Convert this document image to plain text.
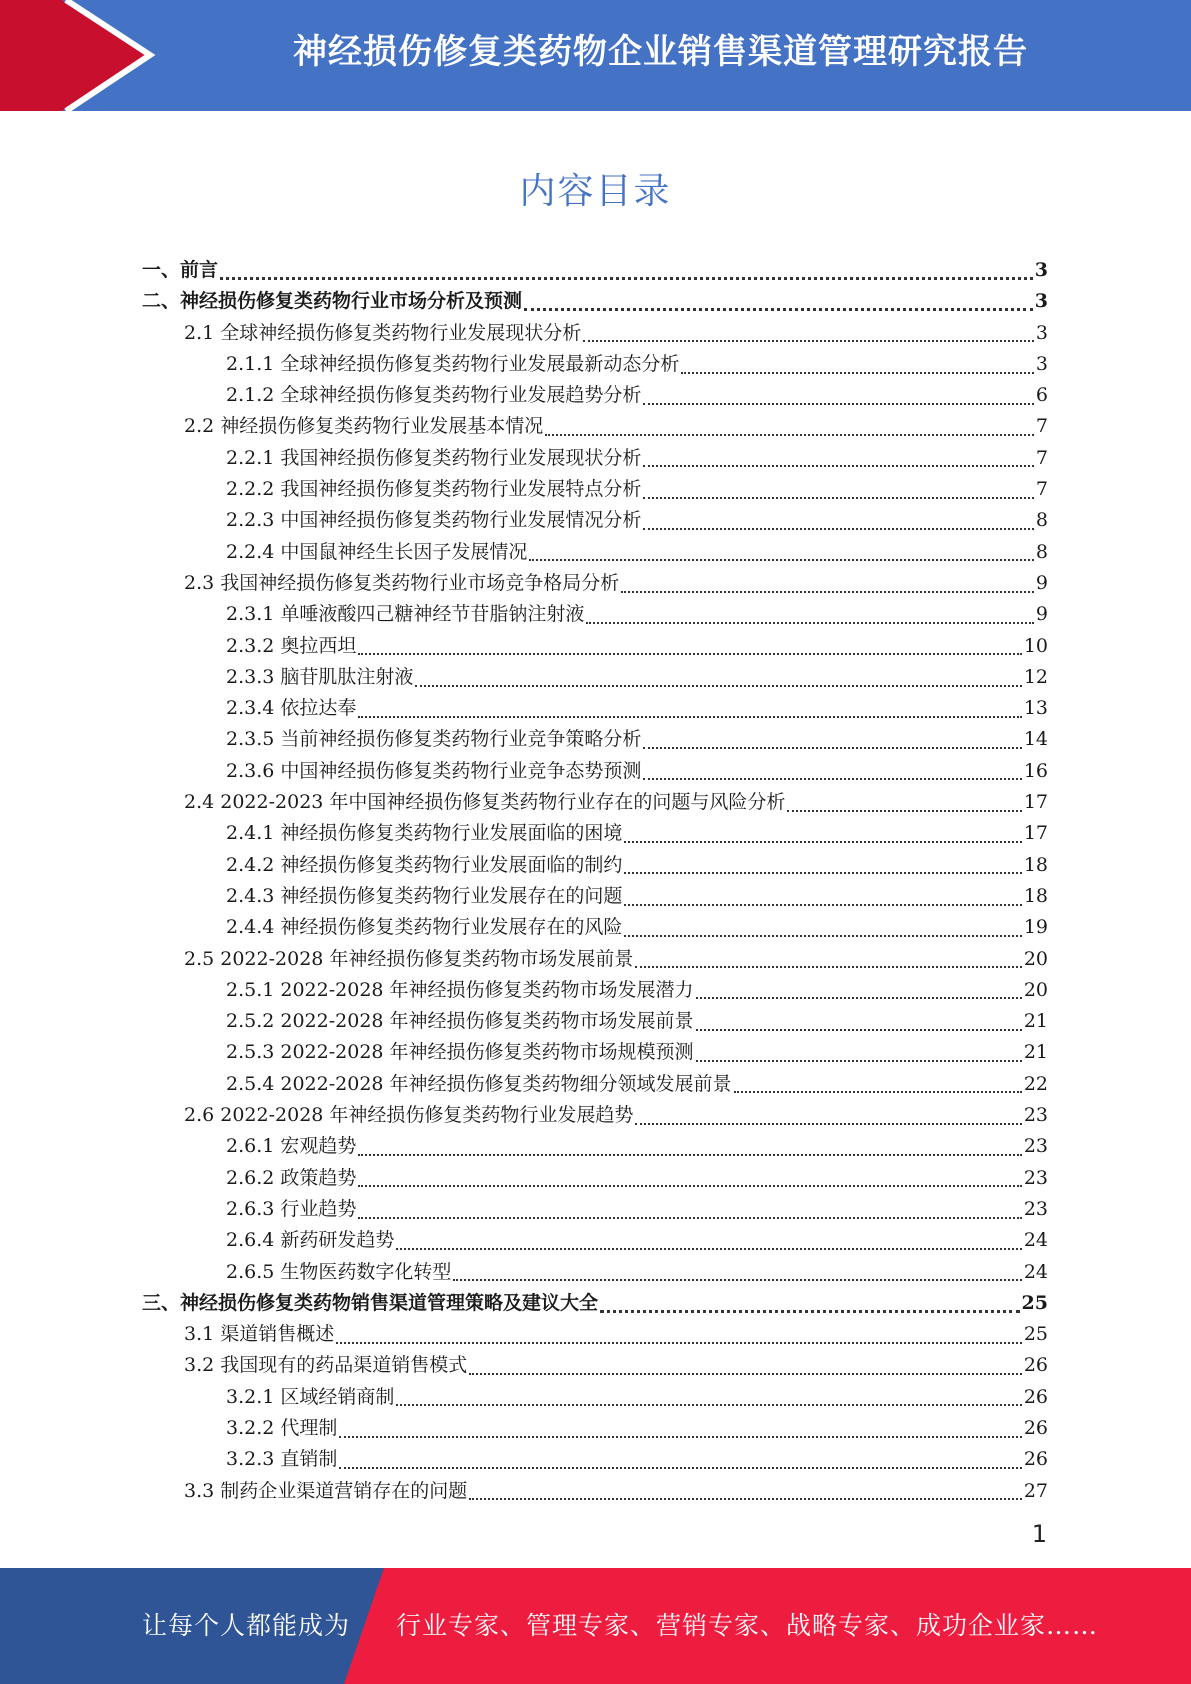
神经损伤修复类药物企业销售渠道管理研究报告
内容目录
一、前言	3
二、神经损伤修复类药物行业市场分析及预测	3
2.1 全球神经损伤修复类药物行业发展现状分析	3
2.1.1 全球神经损伤修复类药物行业发展最新动态分析	3
2.1.2 全球神经损伤修复类药物行业发展趋势分析	6
2.2 神经损伤修复类药物行业发展基本情况	7
2.2.1 我国神经损伤修复类药物行业发展现状分析	7
2.2.2 我国神经损伤修复类药物行业发展特点分析	7
2.2.3 中国神经损伤修复类药物行业发展情况分析	8
2.2.4 中国鼠神经生长因子发展情况	8
2.3 我国神经损伤修复类药物行业市场竞争格局分析	9
2.3.1 单唾液酸四己糖神经节苷脂钠注射液	9
2.3.2 奥拉西坦	10
2.3.3 脑苷肌肽注射液	12
2.3.4 依拉达奉	13
2.3.5 当前神经损伤修复类药物行业竞争策略分析	14
2.3.6 中国神经损伤修复类药物行业竞争态势预测	16
2.4 2022-2023 年中国神经损伤修复类药物行业存在的问题与风险分析	17
2.4.1 神经损伤修复类药物行业发展面临的困境	17
2.4.2 神经损伤修复类药物行业发展面临的制约	18
2.4.3 神经损伤修复类药物行业发展存在的问题	18
2.4.4 神经损伤修复类药物行业发展存在的风险	19
2.5 2022-2028 年神经损伤修复类药物市场发展前景	20
2.5.1 2022-2028 年神经损伤修复类药物市场发展潜力	20
2.5.2 2022-2028 年神经损伤修复类药物市场发展前景	21
2.5.3 2022-2028 年神经损伤修复类药物市场规模预测	21
2.5.4 2022-2028 年神经损伤修复类药物细分领域发展前景	22
2.6 2022-2028 年神经损伤修复类药物行业发展趋势	23
2.6.1 宏观趋势	23
2.6.2 政策趋势	23
2.6.3 行业趋势	23
2.6.4 新药研发趋势	24
2.6.5 生物医药数字化转型	24
三、神经损伤修复类药物销售渠道管理策略及建议大全	25
3.1 渠道销售概述	25
3.2 我国现有的药品渠道销售模式	26
3.2.1 区域经销商制	26
3.2.2 代理制	26
3.2.3 直销制	26
3.3 制药企业渠道营销存在的问题	27
1
让每个人都能成为 行业专家、管理专家、营销专家、战略专家、成功企业家……
